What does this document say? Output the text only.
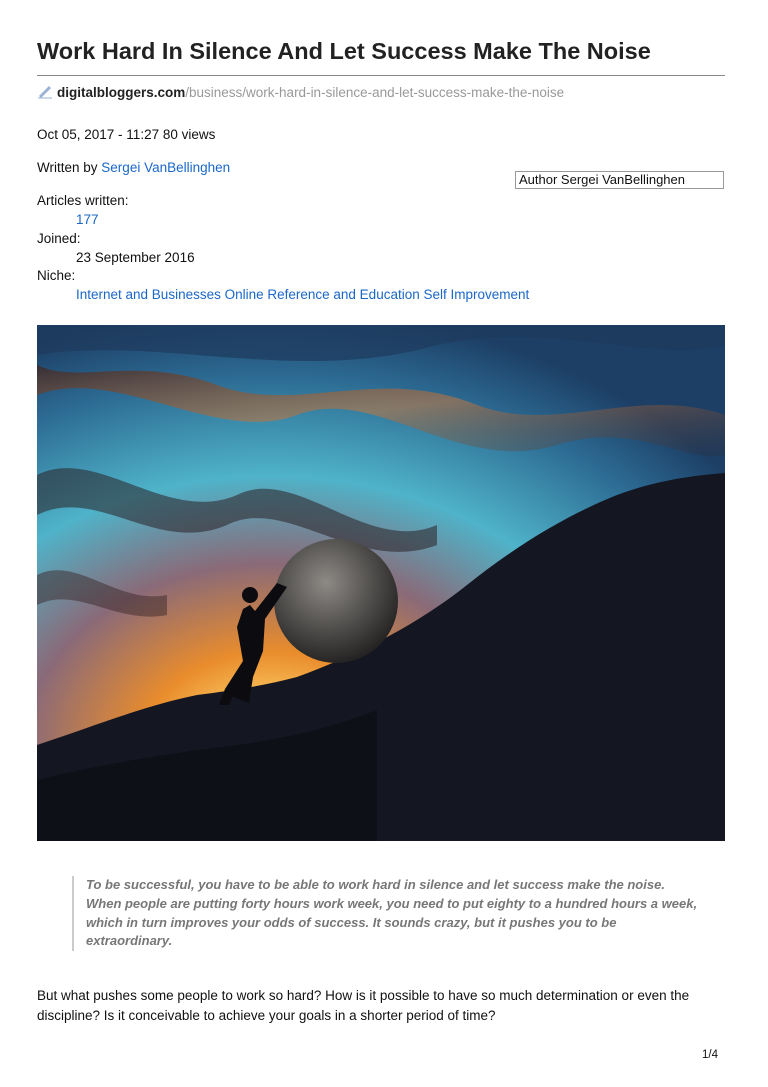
Work Hard In Silence And Let Success Make The Noise
digitalbloggers.com/business/work-hard-in-silence-and-let-success-make-the-noise
Oct 05, 2017 - 11:27 80 views
Written by Sergei VanBellinghen
Author Sergei VanBellinghen
Articles written:
177
Joined:
23 September 2016
Niche:
Internet and Businesses Online Reference and Education Self Improvement
To be successful, you have to be able to work hard in silence and let success make the noise. When people are putting forty hours work week, you need to put eighty to a hundred hours a week, which in turn improves your odds of success. It sounds crazy, but it pushes you to be extraordinary.
But what pushes some people to work so hard? How is it possible to have so much determination or even the discipline? Is it conceivable to achieve your goals in a shorter period of time?
1/4
